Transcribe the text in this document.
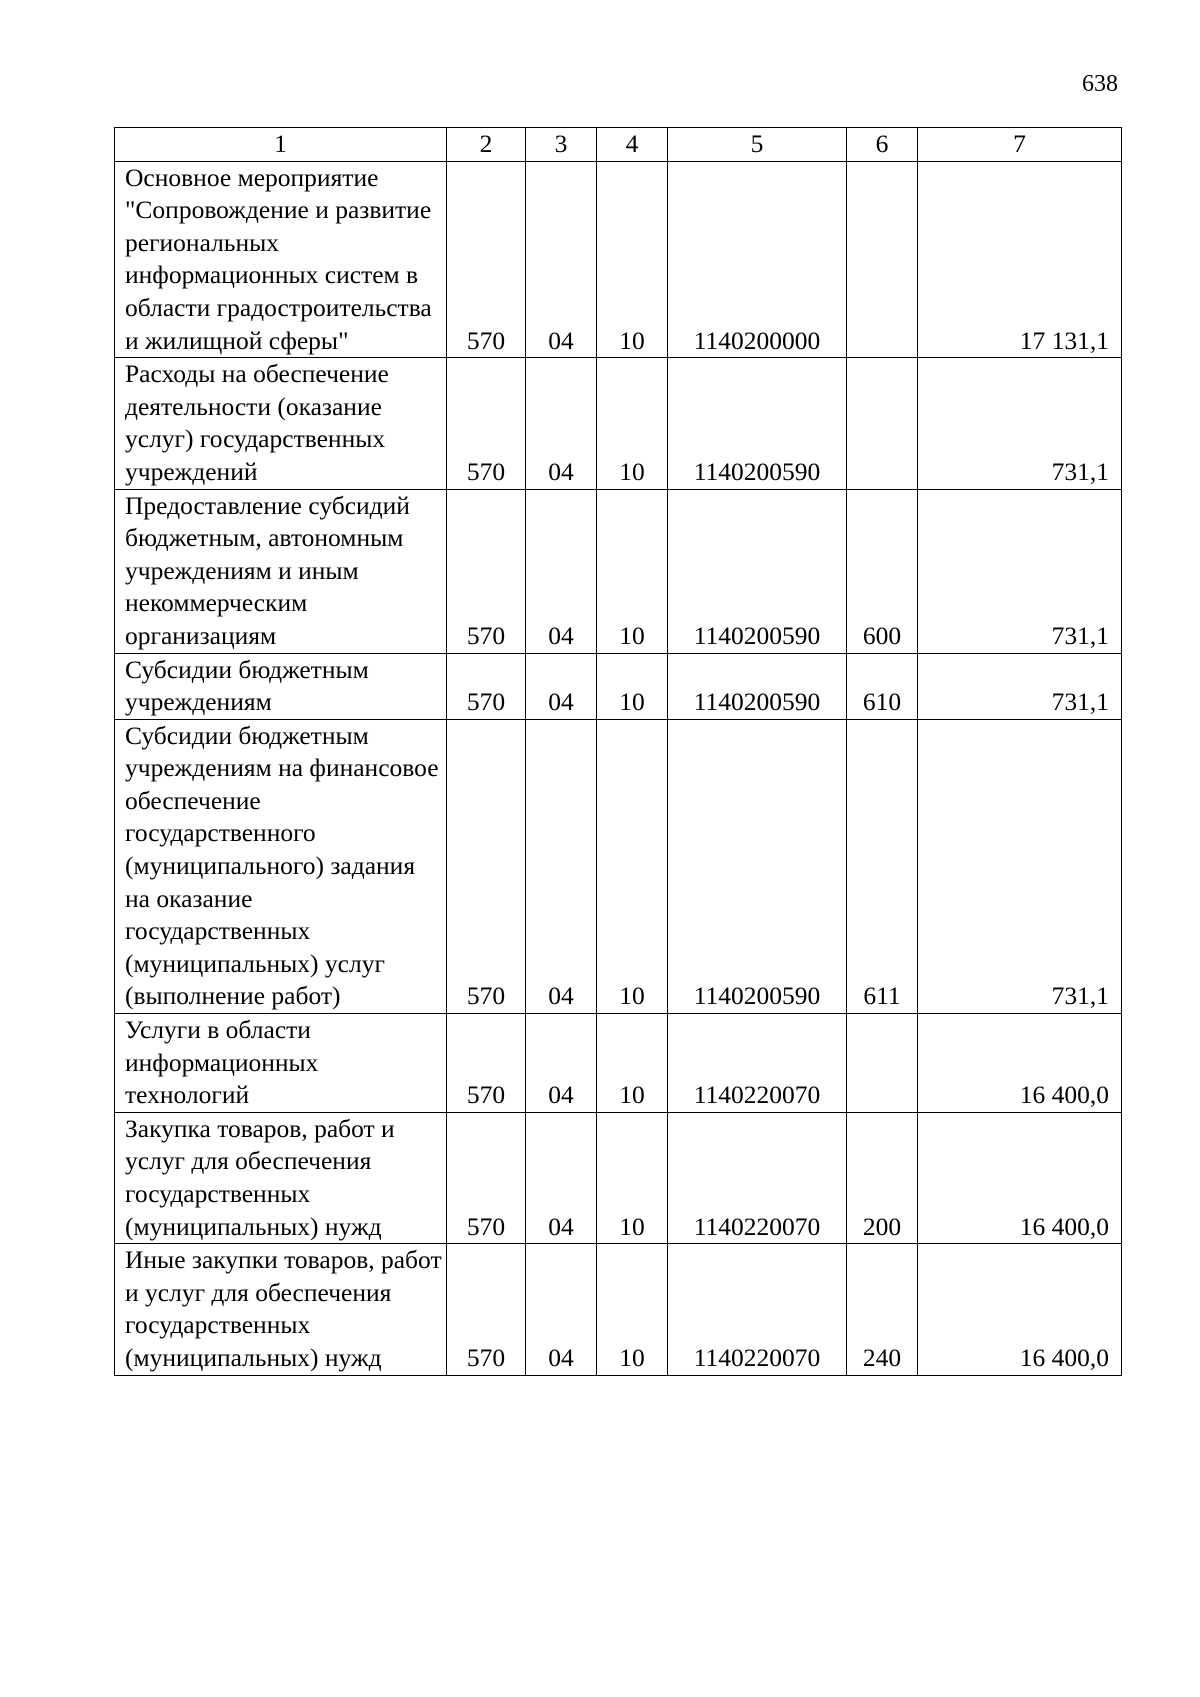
638
1	2	3	4	5	6	7
Основное мероприятие "Сопровождение и развитие региональных информационных систем в области градостроительства и жилищной сферы"	570	04	10	1140200000		17 131,1
Расходы на обеспечение деятельности (оказание услуг) государственных учреждений	570	04	10	1140200590		731,1
Предоставление субсидий бюджетным, автономным учреждениям и иным некоммерческим организациям	570	04	10	1140200590	600	731,1
Субсидии бюджетным учреждениям	570	04	10	1140200590	610	731,1
Субсидии бюджетным учреждениям на финансовое обеспечение государственного (муниципального) задания на оказание государственных (муниципальных) услуг (выполнение работ)	570	04	10	1140200590	611	731,1
Услуги в области информационных технологий	570	04	10	1140220070		16 400,0
Закупка товаров, работ и услуг для обеспечения государственных (муниципальных) нужд	570	04	10	1140220070	200	16 400,0
Иные закупки товаров, работ и услуг для обеспечения государственных (муниципальных) нужд	570	04	10	1140220070	240	16 400,0
